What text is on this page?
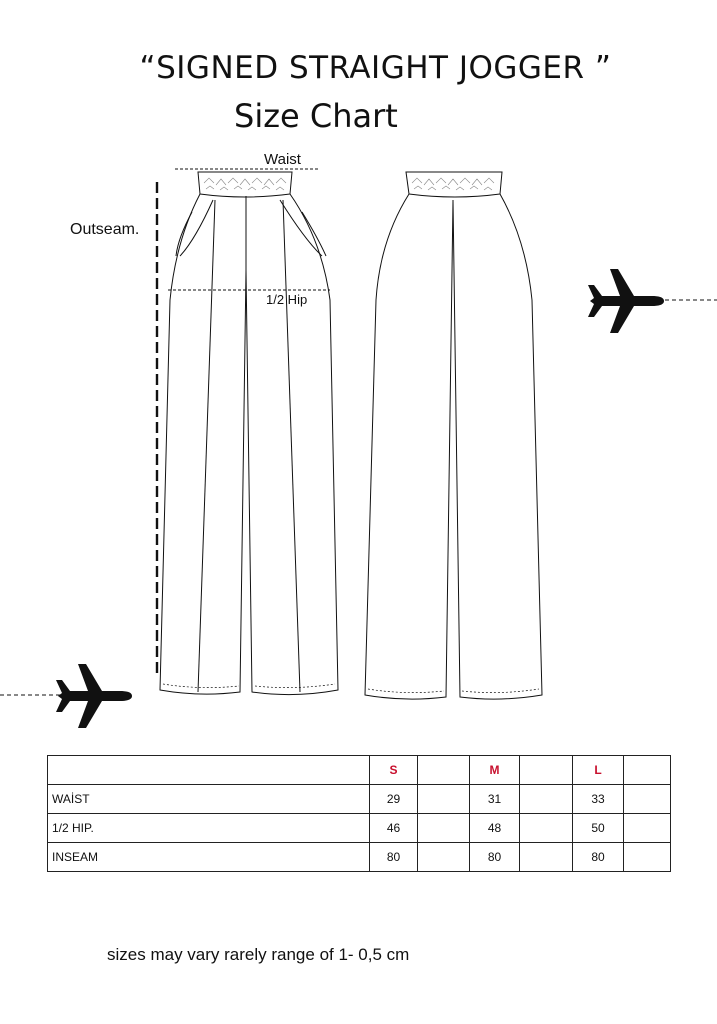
“SIGNED STRAIGHT JOGGER ”
Size Chart
Waist
Outseam.
1/2 Hip
	S		M		L	
WAİST	29		31		33	
1/2 HIP.	46		48		50	
INSEAM	80		80		80	
sizes may vary rarely range of 1- 0,5 cm
